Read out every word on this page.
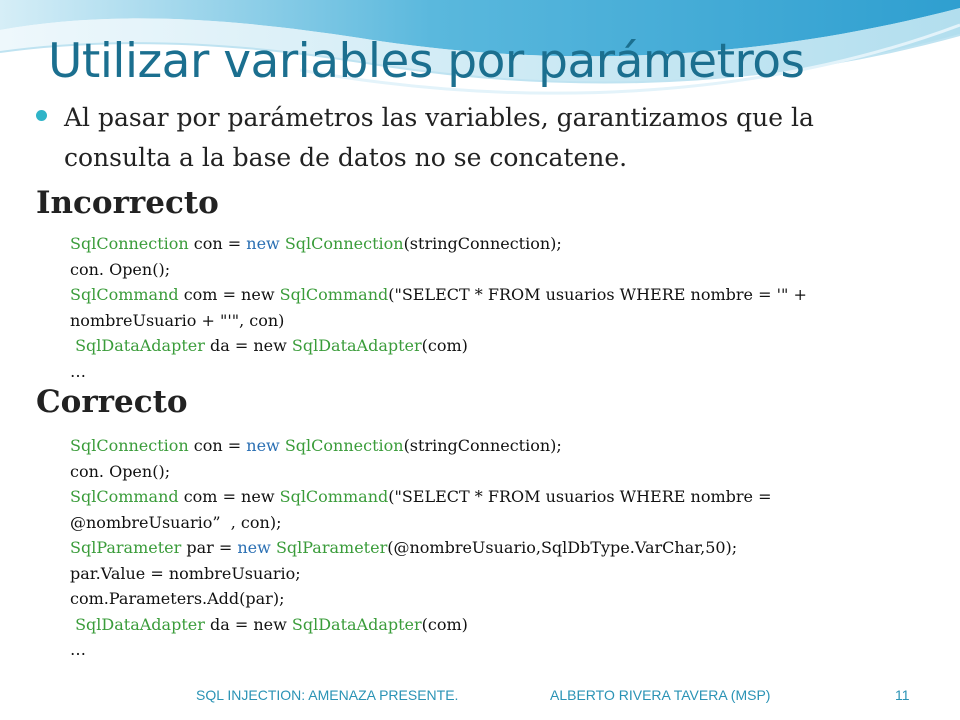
Utilizar variables por parámetros
Al pasar por parámetros las variables, garantizamos que la
consulta a la base de datos no se concatene.
Incorrecto
SqlConnection con = new SqlConnection(stringConnection);
con. Open();
SqlCommand com = new SqlCommand("SELECT * FROM usuarios WHERE nombre = '" +
nombreUsuario + "'", con)
SqlDataAdapter da = new SqlDataAdapter(com)
…
Correcto
SqlConnection con = new SqlConnection(stringConnection);
con. Open();
SqlCommand com = new SqlCommand("SELECT * FROM usuarios WHERE nombre =
@nombreUsuario”  , con);
SqlParameter par = new SqlParameter(@nombreUsuario,SqlDbType.VarChar,50);
par.Value = nombreUsuario;
com.Parameters.Add(par);
SqlDataAdapter da = new SqlDataAdapter(com)
…
SQL INJECTION: AMENAZA PRESENTE.	ALBERTO RIVERA TAVERA (MSP)	11
